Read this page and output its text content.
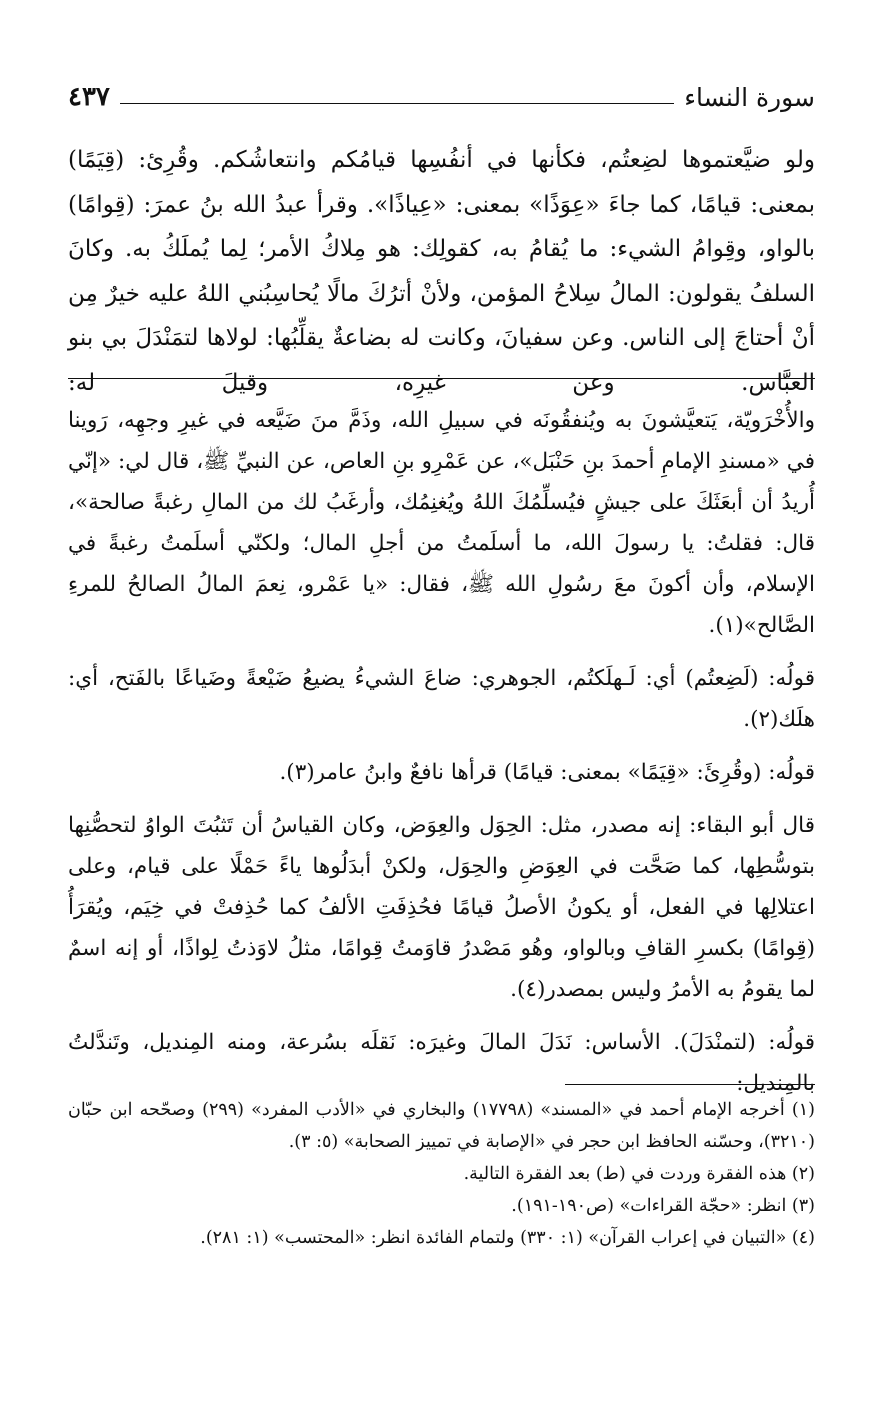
سورة النساء
٤٣٧
ولو ضيَّعتموها لضِعتُم، فكأنها في أنفُسِها قيامُكم وانتعاشُكم. وقُرِئ: (قِيَمًا) بمعنى: قيامًا، كما جاءَ «عِوَذًا» بمعنى: «عِياذًا». وقرأ عبدُ الله بنُ عمرَ: (قِوامًا) بالواو، وقِوامُ الشيء: ما يُقامُ به، كقولِك: هو مِلاكُ الأمر؛ لِما يُملَكُ به. وكانَ السلفُ يقولون: المالُ سِلاحُ المؤمن، ولأنْ أترُكَ مالًا يُحاسِبُني اللهُ عليه خيرٌ مِن أنْ أحتاجَ إلى الناس. وعن سفيانَ، وكانت له بضاعةٌ يقلِّبُها: لولاها لتمَنْدَلَ بي بنو العبَّاس. وعن غيرِه، وقيلَ له:

والأُخْرَويّة، يَتعيَّشونَ به ويُنفقُونَه في سبيلِ الله، وذَمَّ منَ ضَيَّعه في غيرِ وجهِه، رَوينا في «مسندِ الإمامِ أحمدَ بنِ حَنْبَل»، عن عَمْرِو بنِ العاص، عن النبيِّ ﷺ، قال لي: «إنّي أُريدُ أن أبعَثَكَ على جيشٍ فيُسلِّمُكَ اللهُ ويُغنِمُك، وأرغَبُ لك من المالِ رغبةً صالحة»، قال: فقلتُ: يا رسولَ الله، ما أسلَمتُ من أجلِ المال؛ ولكنّي أسلَمتُ رغبةً في الإسلام، وأن أكونَ معَ رسُولِ الله ﷺ، فقال: «يا عَمْرو، نِعمَ المالُ الصالحُ للمرءِ الصَّالح»(١).

قولُه: (لَضِعتُم) أي: لَـهلَكتُم، الجوهري: ضاعَ الشيءُ يضيعُ ضَيْعةً وضَياعًا بالفَتح، أي: هلَك(٢).

قولُه: (وقُرِئَ: «قِيَمًا» بمعنى: قيامًا) قرأها نافعٌ وابنُ عامر(٣).

قال أبو البقاء: إنه مصدر، مثل: الحِوَل والعِوَض، وكان القياسُ أن تَثبُتَ الواوُ لتحصُّنِها بتوسُّطِها، كما صَحَّت في العِوَضِ والحِوَل، ولكنْ أبدَلُوها ياءً حَمْلًا على قيام، وعلى اعتلالِها في الفعل، أو يكونُ الأصلُ قيامًا فحُذِفَتِ الألفُ كما حُذِفتْ في خِيَم، ويُقرَأُ (قِوامًا) بكسرِ القافِ وبالواو، وهُو مَصْدرُ قاوَمتُ قِوامًا، مثلُ لاوَذتُ لِواذًا، أو إنه اسمٌ لما يقومُ به الأمرُ وليس بمصدر(٤).

قولُه: (لتمنْدَلَ). الأساس: نَدَلَ المالَ وغيرَه: نَقلَه بسُرعة، ومنه المِنديل، وتَندَّلتُ بالمِنديل:

(١) أخرجه الإمام أحمد في «المسند» (١٧٧٩٨) والبخاري في «الأدب المفرد» (٢٩٩) وصحّحه ابن حبّان (٣٢١٠)، وحسّنه الحافظ ابن حجر في «الإصابة في تمييز الصحابة» (٥: ٣).

(٢) هذه الفقرة وردت في (ط) بعد الفقرة التالية.

(٣) انظر: «حجّة القراءات» (ص١٩٠-١٩١).

(٤) «التبيان في إعراب القرآن» (١: ٣٣٠) ولتمام الفائدة انظر: «المحتسب» (١: ٢٨١).
